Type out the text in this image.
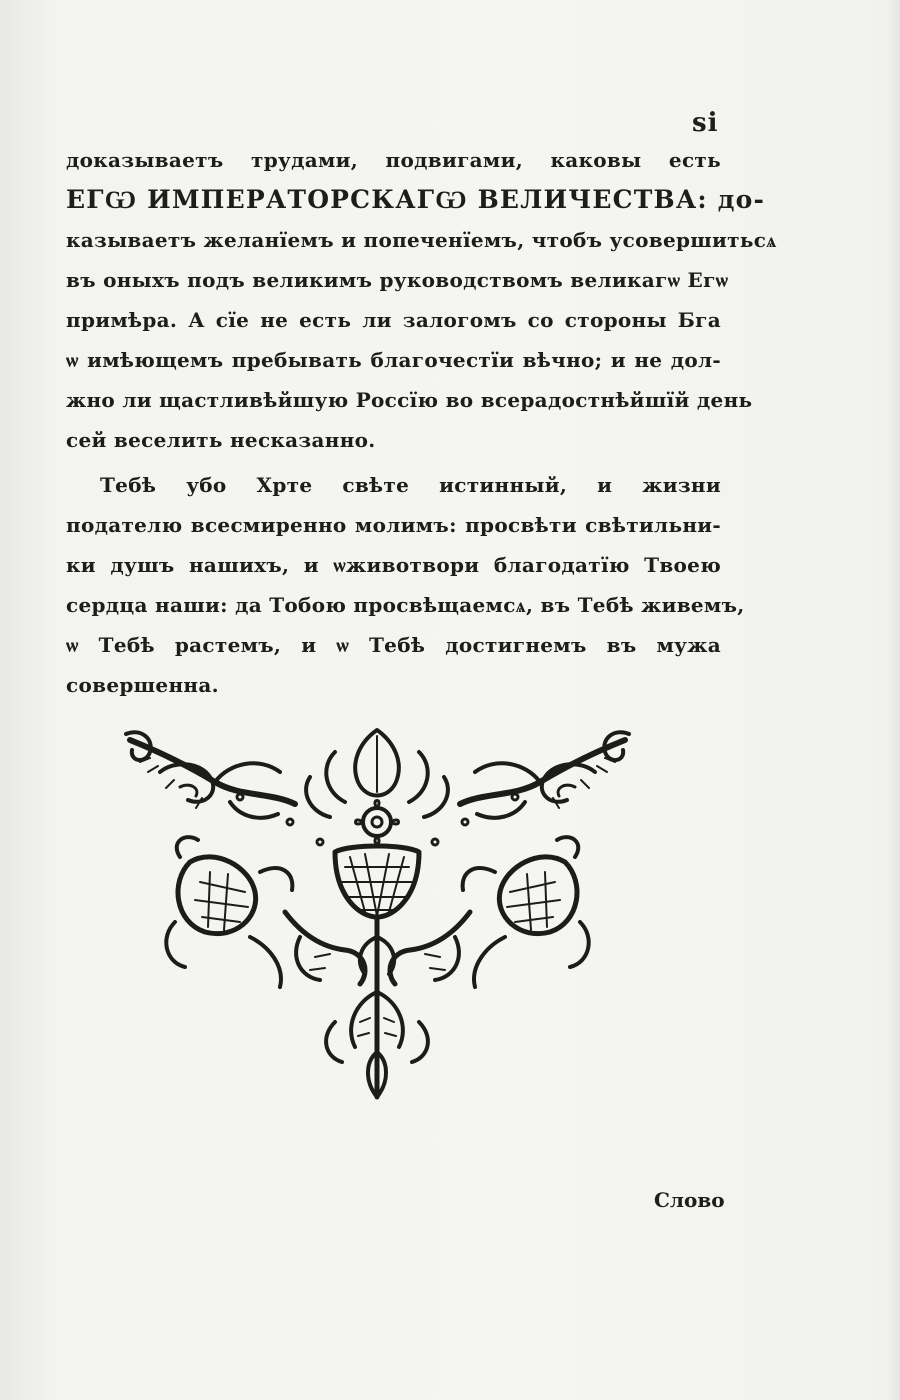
ѕі
доказываетъ трудами, подвигами, каковы есть
ЕГѠ ИМПЕРАТОРСКАГѠ ВЕЛИЧЕСТВА: до-
казываетъ желанїемъ и попеченїемъ, чтобъ усовершитьсѧ
въ оныхъ подъ великимъ руководствомъ великагѡ Егѡ
примѣра. А сїе не есть ли залогомъ со стороны Бга
ѡ имѣющемъ пребывать благочестїи вѣчно; и не дол-
жно ли щастливѣйшую Россїю во всерадостнѣйшїй день
сей веселить несказанно.
Тебѣ убо Хрте свѣте истинный, и жизни
подателю всесмиренно молимъ: просвѣти свѣтильни-
ки душъ нашихъ, и ѡживотвори благодатїю Твоею
сердца наши: да Тобою просвѣщаемсѧ, въ Тебѣ живемъ,
ѡ Тебѣ растемъ, и ѡ Тебѣ достигнемъ въ мужа
совершенна.
Слово
